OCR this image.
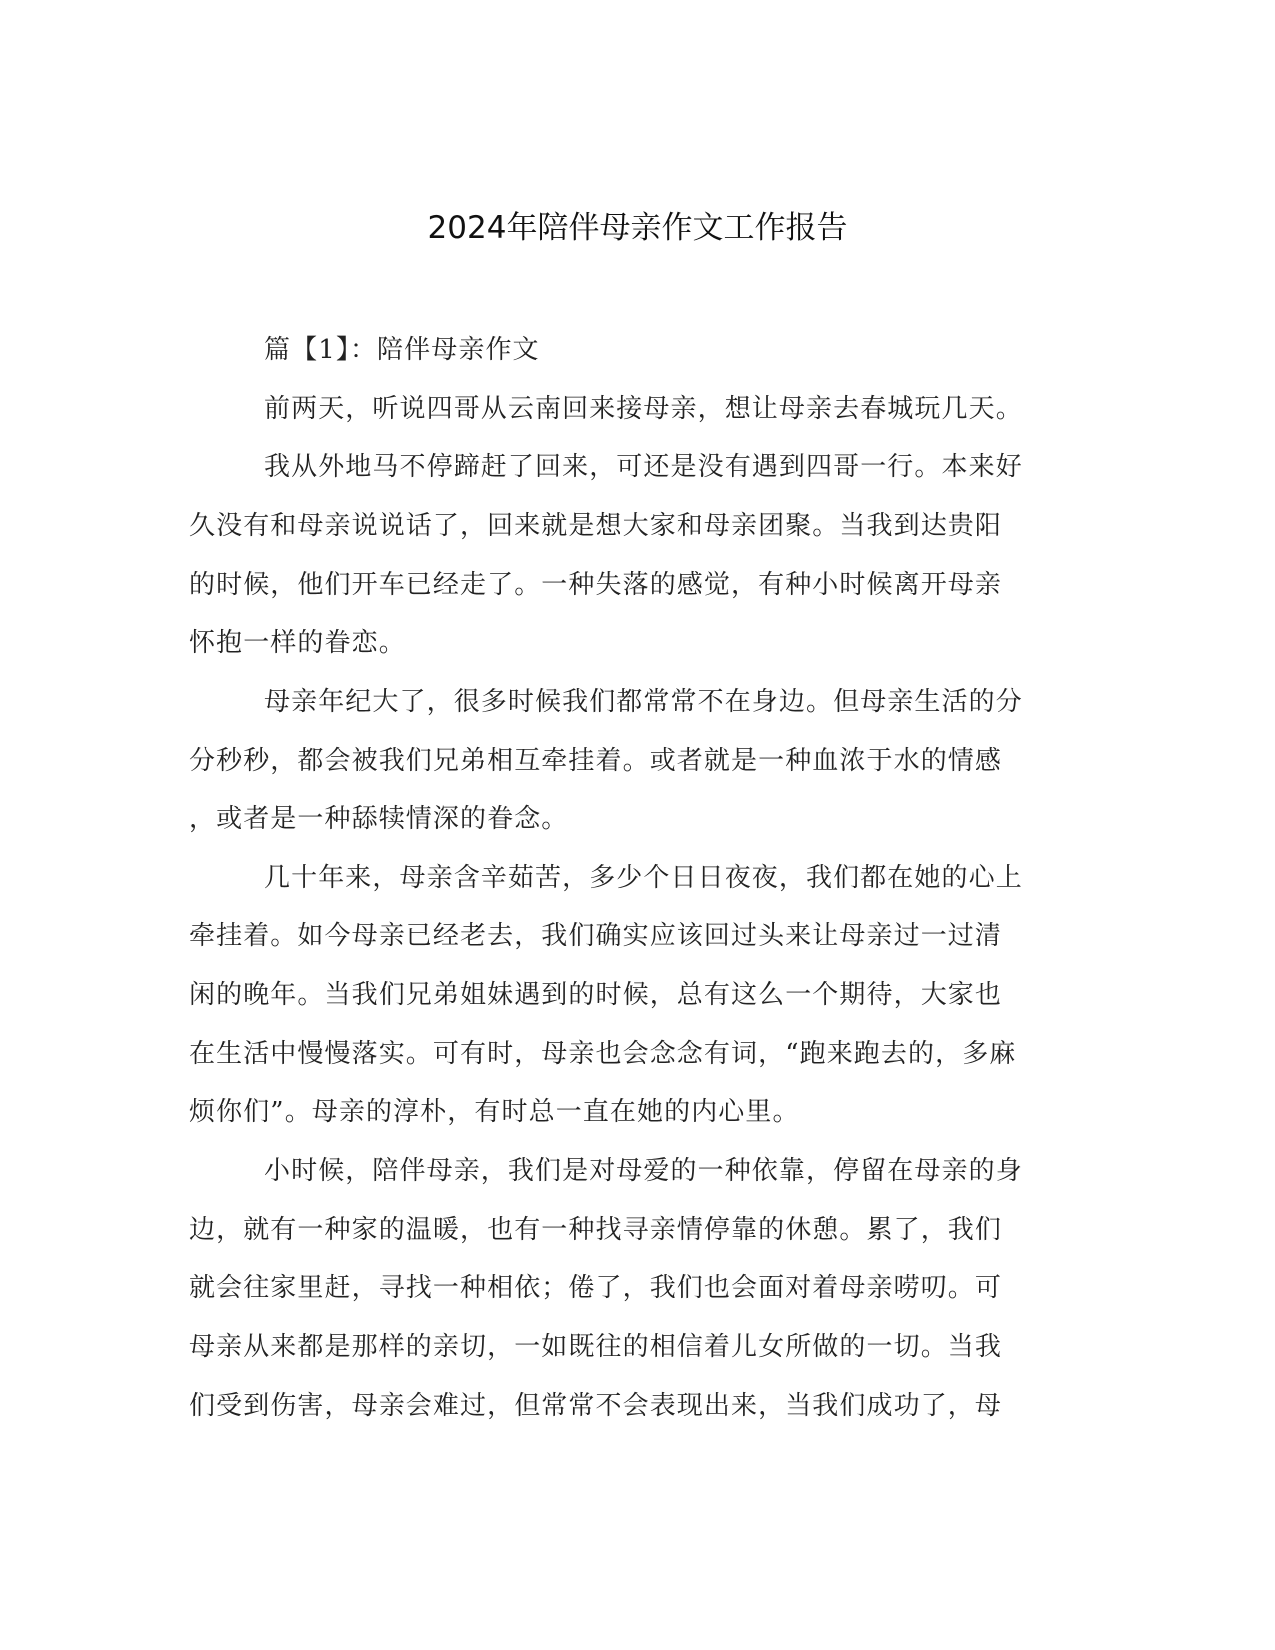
2024年陪伴母亲作文工作报告
篇【1】：陪伴母亲作文
前两天，听说四哥从云南回来接母亲，想让母亲去春城玩几天。
我从外地马不停蹄赶了回来，可还是没有遇到四哥一行。本来好
久没有和母亲说说话了，回来就是想大家和母亲团聚。当我到达贵阳
的时候，他们开车已经走了。一种失落的感觉，有种小时候离开母亲
怀抱一样的眷恋。
母亲年纪大了，很多时候我们都常常不在身边。但母亲生活的分
分秒秒，都会被我们兄弟相互牵挂着。或者就是一种血浓于水的情感
，或者是一种舔犊情深的眷念。
几十年来，母亲含辛茹苦，多少个日日夜夜，我们都在她的心上
牵挂着。如今母亲已经老去，我们确实应该回过头来让母亲过一过清
闲的晚年。当我们兄弟姐妹遇到的时候，总有这么一个期待，大家也
在生活中慢慢落实。可有时，母亲也会念念有词，“跑来跑去的，多麻
烦你们”。母亲的淳朴，有时总一直在她的内心里。
小时候，陪伴母亲，我们是对母爱的一种依靠，停留在母亲的身
边，就有一种家的温暖，也有一种找寻亲情停靠的休憩。累了，我们
就会往家里赶，寻找一种相依；倦了，我们也会面对着母亲唠叨。可
母亲从来都是那样的亲切，一如既往的相信着儿女所做的一切。当我
们受到伤害，母亲会难过，但常常不会表现出来，当我们成功了，母
